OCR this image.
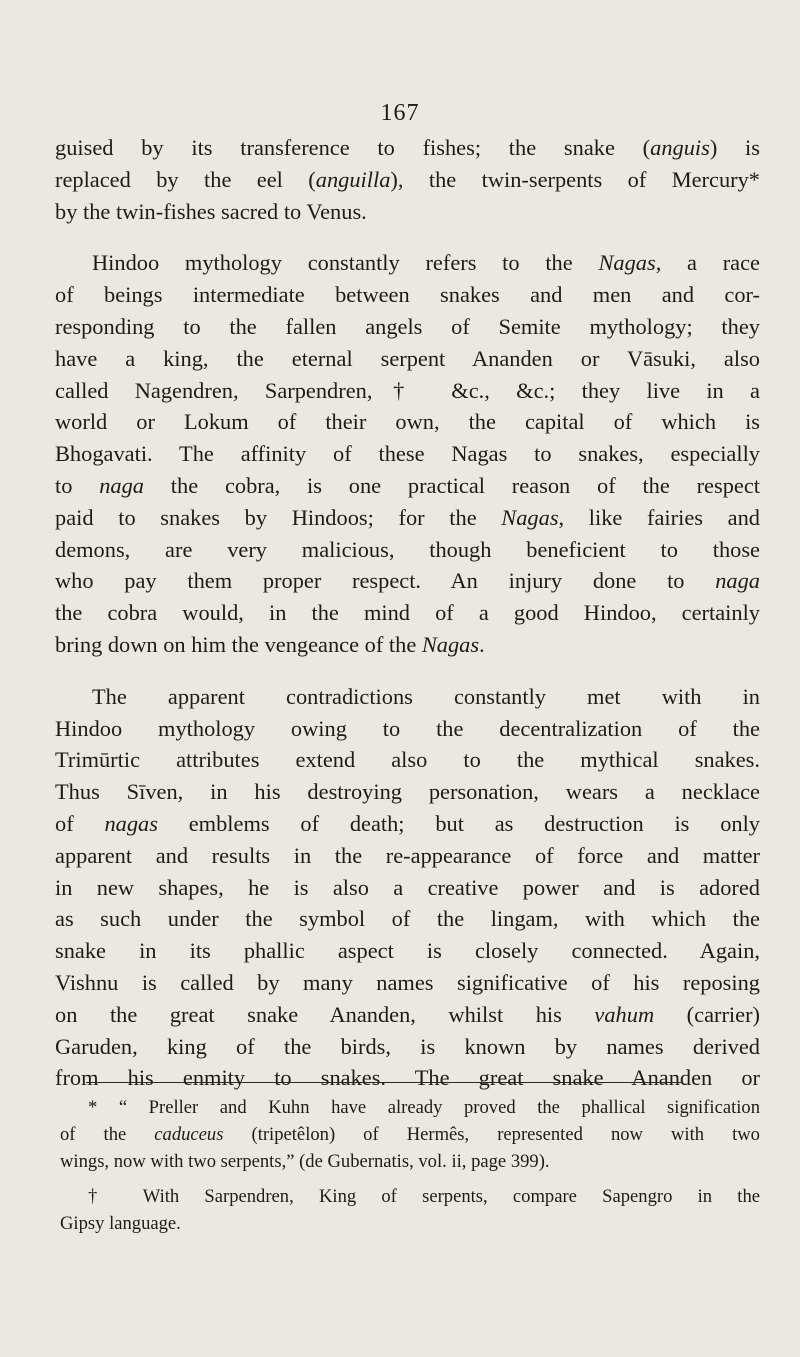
167

guised by its transference to fishes; the snake (anguis) is
replaced by the eel (anguilla), the twin-serpents of Mercury*
by the twin-fishes sacred to Venus.

Hindoo mythology constantly refers to the Nagas, a race
of beings intermediate between snakes and men and cor-
responding to the fallen angels of Semite mythology; they
have a king, the eternal serpent Ananden or Vāsuki, also
called Nagendren, Sarpendren,† &c., &c.; they live in a
world or Lokum of their own, the capital of which is
Bhogavati. The affinity of these Nagas to snakes, especially
to naga the cobra, is one practical reason of the respect
paid to snakes by Hindoos; for the Nagas, like fairies and
demons, are very malicious, though beneficient to those
who pay them proper respect. An injury done to naga
the cobra would, in the mind of a good Hindoo, certainly
bring down on him the vengeance of the Nagas.

The apparent contradictions constantly met with in
Hindoo mythology owing to the decentralization of the
Trimūrtic attributes extend also to the mythical snakes.
Thus Sīven, in his destroying personation, wears a necklace
of nagas emblems of death; but as destruction is only
apparent and results in the re-appearance of force and matter
in new shapes, he is also a creative power and is adored
as such under the symbol of the lingam, with which the
snake in its phallic aspect is closely connected. Again,
Vishnu is called by many names significative of his reposing
on the great snake Ananden, whilst his vahum (carrier)
Garuden, king of the birds, is known by names derived
from his enmity to snakes. The great snake Ananden or

* “ Preller and Kuhn have already proved the phallical signification
of the caduceus (tripetêlon) of Hermês, represented now with two
wings, now with two serpents,” (de Gubernatis, vol. ii, page 399).

† With Sarpendren, King of serpents, compare Sapengro in the
Gipsy language.
